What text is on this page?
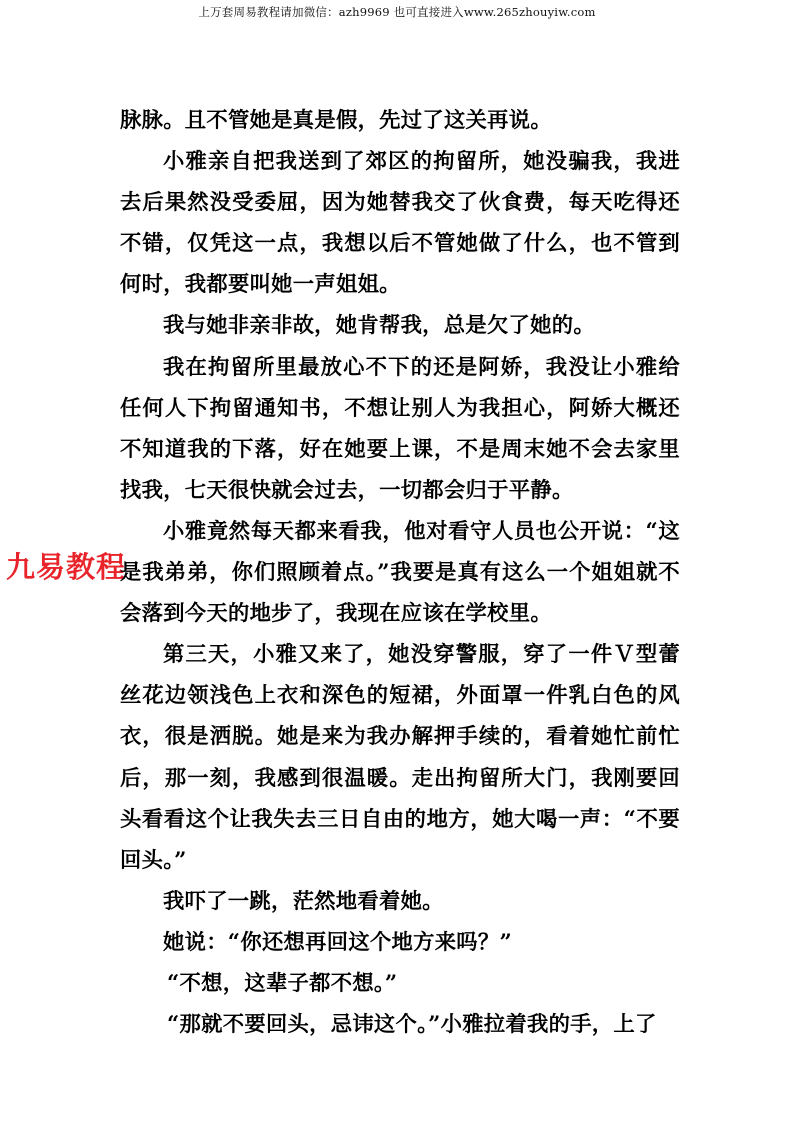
上万套周易教程请加微信：azh9969 也可直接进入www.265zhouyiw.com
九易教程

脉脉。且不管她是真是假，先过了这关再说。

小雅亲自把我送到了郊区的拘留所，她没骗我，我进去后果然没受委屈，因为她替我交了伙食费，每天吃得还不错，仅凭这一点，我想以后不管她做了什么，也不管到何时，我都要叫她一声姐姐。

我与她非亲非故，她肯帮我，总是欠了她的。

我在拘留所里最放心不下的还是阿娇，我没让小雅给任何人下拘留通知书，不想让别人为我担心，阿娇大概还不知道我的下落，好在她要上课，不是周末她不会去家里找我，七天很快就会过去，一切都会归于平静。

小雅竟然每天都来看我，他对看守人员也公开说：“这是我弟弟，你们照顾着点。”我要是真有这么一个姐姐就不会落到今天的地步了，我现在应该在学校里。

第三天，小雅又来了，她没穿警服，穿了一件Ｖ型蕾丝花边领浅色上衣和深色的短裙，外面罩一件乳白色的风衣，很是洒脱。她是来为我办解押手续的，看着她忙前忙后，那一刻，我感到很温暖。走出拘留所大门，我刚要回头看看这个让我失去三日自由的地方，她大喝一声：“不要回头。”

我吓了一跳，茫然地看着她。

她说：“你还想再回这个地方来吗？”

“不想，这辈子都不想。”

“那就不要回头，忌讳这个。”小雅拉着我的手，上了
